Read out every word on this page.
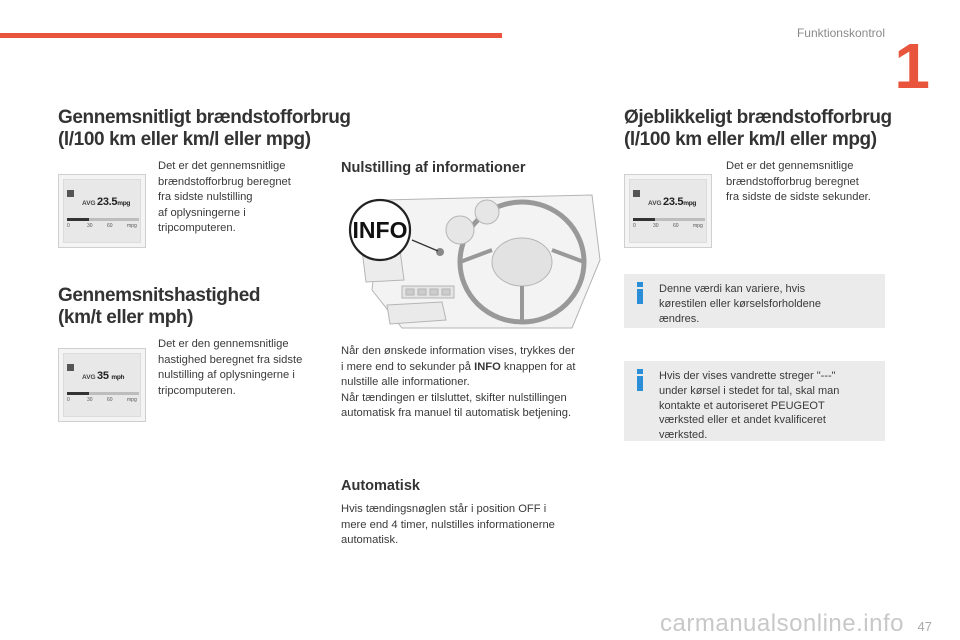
Funktionskontrol 1
Gennemsnitligt brændstofforbrug
(l/100 km eller km/l eller mpg)
AVG 23.5mpg
0	30	60	mpg
Det er det gennemsnitlige
brændstofforbrug beregnet
fra sidste nulstilling
af oplysningerne i
tripcomputeren.
Gennemsnitshastighed
(km/t eller mph)
AVG 35 mph
0	30	60	mpg
Det er den gennemsnitlige
hastighed beregnet fra sidste
nulstilling af oplysningerne i
tripcomputeren.
Nulstilling af informationer
INFO
Når den ønskede information vises, trykkes der
i mere end to sekunder på INFO knappen for at
nulstille alle informationer.
Når tændingen er tilsluttet, skifter nulstillingen
automatisk fra manuel til automatisk betjening.
Automatisk
Hvis tændingsnøglen står i position OFF i
mere end 4 timer, nulstilles informationerne
automatisk.
Øjeblikkeligt brændstofforbrug
(l/100 km eller km/l eller mpg)
AVG 23.5mpg
0	30	60	mpg
Det er det gennemsnitlige
brændstofforbrug beregnet
fra sidste de sidste sekunder.
Denne værdi kan variere, hvis
kørestilen eller kørselsforholdene
ændres.
Hvis der vises vandrette streger "---"
under kørsel i stedet for tal, skal man
kontakte et autoriseret PEUGEOT
værksted eller et andet kvalificeret
værksted.
carmanualsonline.info 47
